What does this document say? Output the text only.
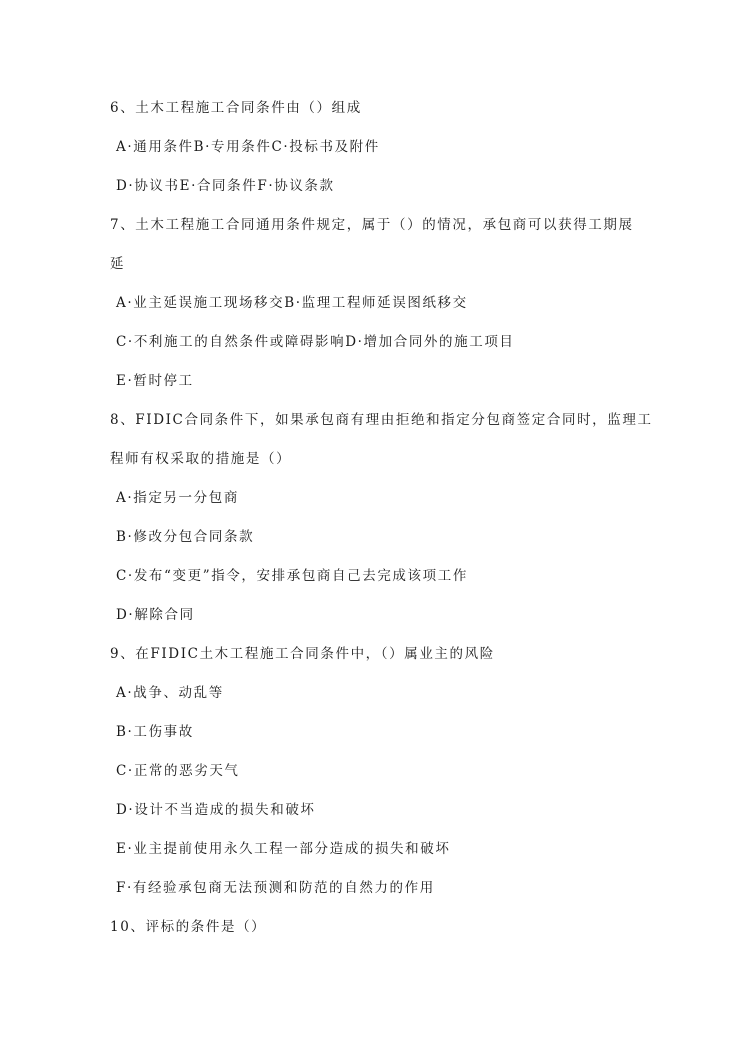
6、土木工程施工合同条件由（）组成
A·通用条件B·专用条件C·投标书及附件
D·协议书E·合同条件F·协议条款
7、土木工程施工合同通用条件规定，属于（）的情况，承包商可以获得工期展
延
A·业主延误施工现场移交B·监理工程师延误图纸移交
C·不利施工的自然条件或障碍影响D·增加合同外的施工项目
E·暂时停工
8、FIDIC合同条件下，如果承包商有理由拒绝和指定分包商签定合同时，监理工
程师有权采取的措施是（）
A·指定另一分包商
B·修改分包合同条款
C·发布“变更”指令，安排承包商自己去完成该项工作
D·解除合同
9、在FIDIC土木工程施工合同条件中，（）属业主的风险
A·战争、动乱等
B·工伤事故
C·正常的恶劣天气
D·设计不当造成的损失和破坏
E·业主提前使用永久工程一部分造成的损失和破坏
F·有经验承包商无法预测和防范的自然力的作用
10、评标的条件是（）
